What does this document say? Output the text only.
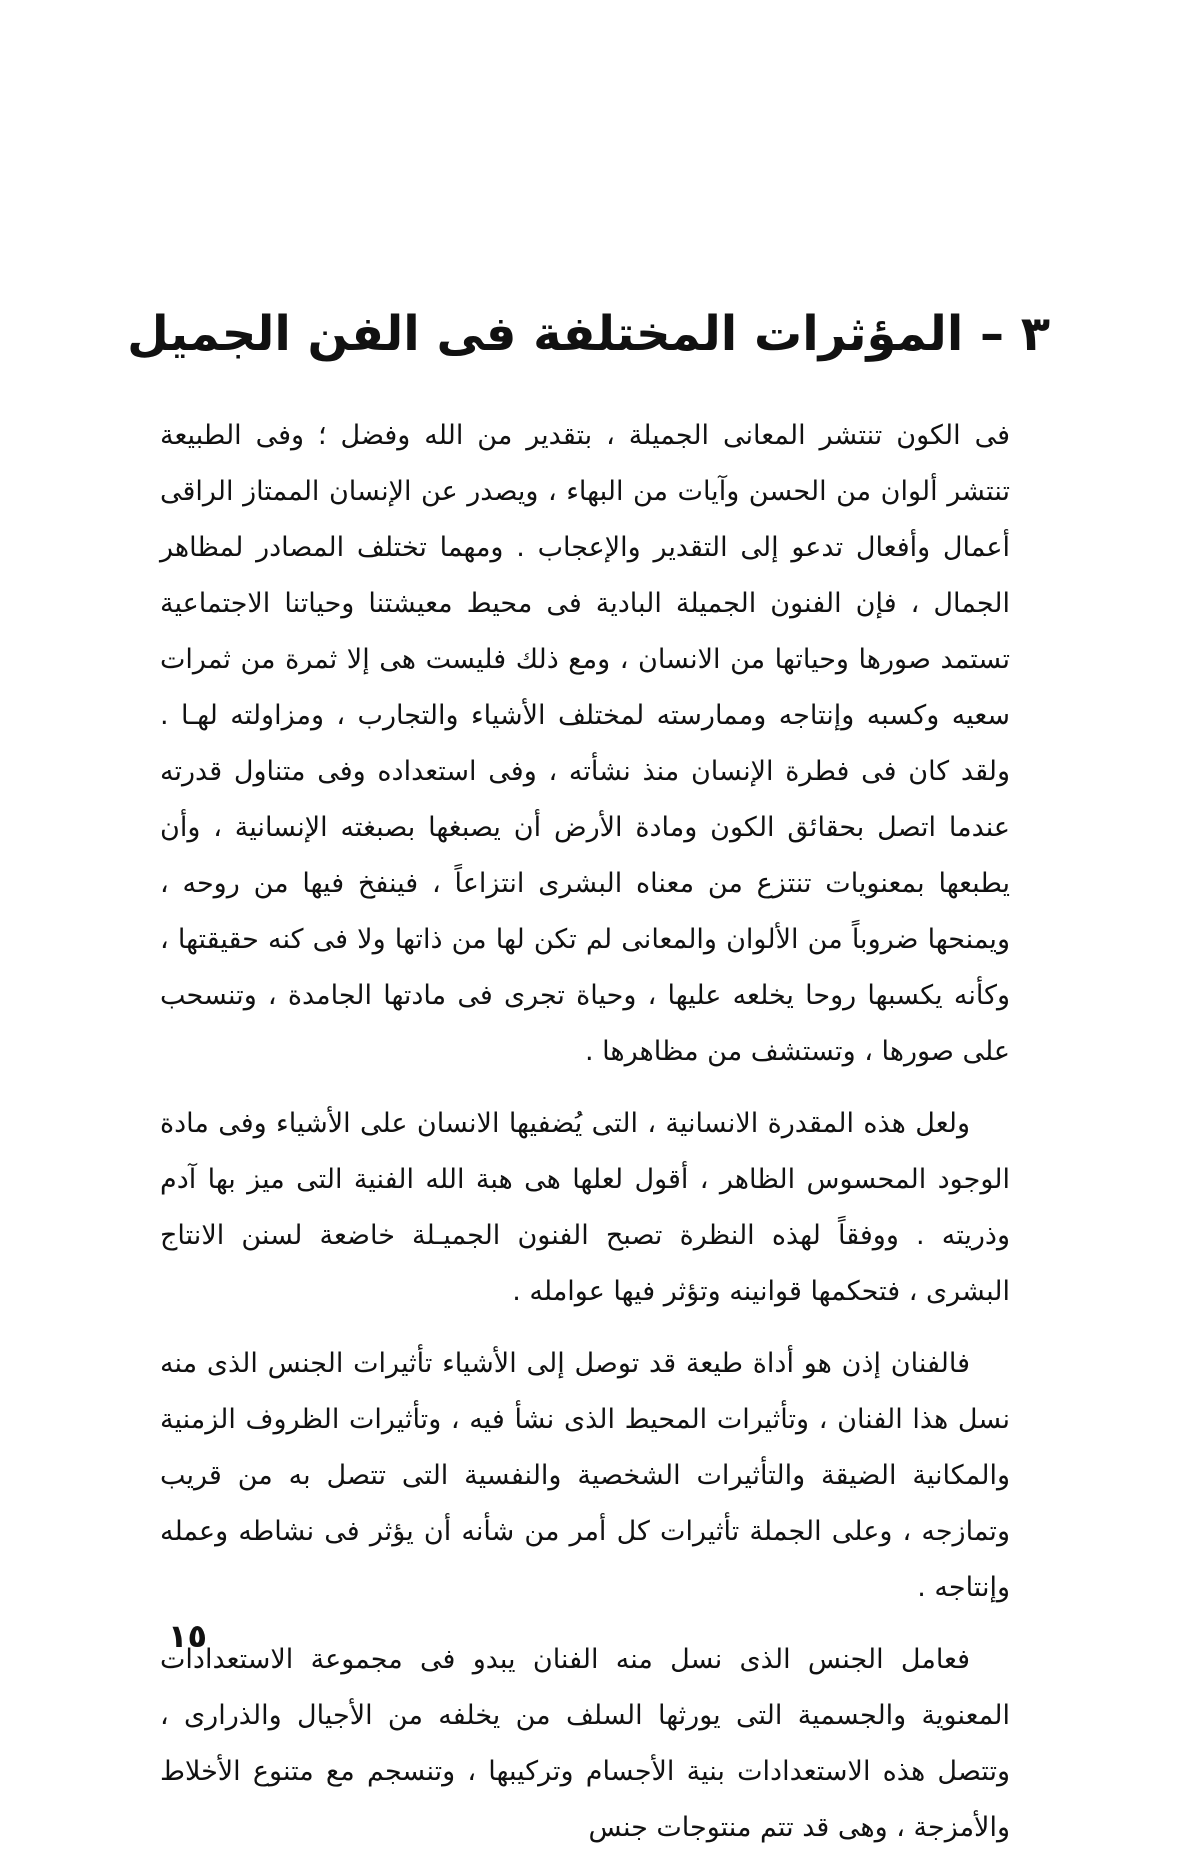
٣ – المؤثرات المختلفة فى الفن الجميل

فى الكون تنتشر المعانى الجميلة ، بتقدير من الله وفضل ؛ وفى الطبيعة تنتشر ألوان من الحسن وآيات من البهاء ، ويصدر عن الإنسان الممتاز الراقى أعمال وأفعال تدعو إلى التقدير والإعجاب . ومهما تختلف المصادر لمظاهر الجمال ، فإن الفنون الجميلة البادية فى محيط معيشتنا وحياتنا الاجتماعية تستمد صورها وحياتها من الانسان ، ومع ذلك فليست هى إلا ثمرة من ثمرات سعيه وكسبه وإنتاجه وممارسته لمختلف الأشياء والتجارب ، ومزاولته لهـا . ولقد كان فى فطرة الإنسان منذ نشأته ، وفى استعداده وفى متناول قدرته عندما اتصل بحقائق الكون ومادة الأرض أن يصبغها بصبغته الإنسانية ، وأن يطبعها بمعنويات تنتزع من معناه البشرى انتزاعاً ، فينفخ فيها من روحه ، ويمنحها ضروباً من الألوان والمعانى لم تكن لها من ذاتها ولا فى كنه حقيقتها ، وكأنه يكسبها روحا يخلعه عليها ، وحياة تجرى فى مادتها الجامدة ، وتنسحب على صورها ، وتستشف من مظاهرها .

ولعل هذه المقدرة الانسانية ، التى يُضفيها الانسان على الأشياء وفى مادة الوجود المحسوس الظاهر ، أقول لعلها هى هبة الله الفنية التى ميز بها آدم وذريته . ووفقاً لهذه النظرة تصبح الفنون الجميـلة خاضعة لسنن الانتاج البشرى ، فتحكمها قوانينه وتؤثر فيها عوامله .

فالفنان إذن هو أداة طيعة قد توصل إلى الأشياء تأثيرات الجنس الذى منه نسل هذا الفنان ، وتأثيرات المحيط الذى نشأ فيه ، وتأثيرات الظروف الزمنية والمكانية الضيقة والتأثيرات الشخصية والنفسية التى تتصل به من قريب وتمازجه ، وعلى الجملة تأثيرات كل أمر من شأنه أن يؤثر فى نشاطه وعمله وإنتاجه .

فعامل الجنس الذى نسل منه الفنان يبدو فى مجموعة الاستعدادات المعنوية والجسمية التى يورثها السلف من يخلفه من الأجيال والذرارى ، وتتصل هذه الاستعدادات بنية الأجسام وتركيبها ، وتنسجم مع متنوع الأخلاط والأمزجة ، وهى قد تتم منتوجات جنس

١٥
